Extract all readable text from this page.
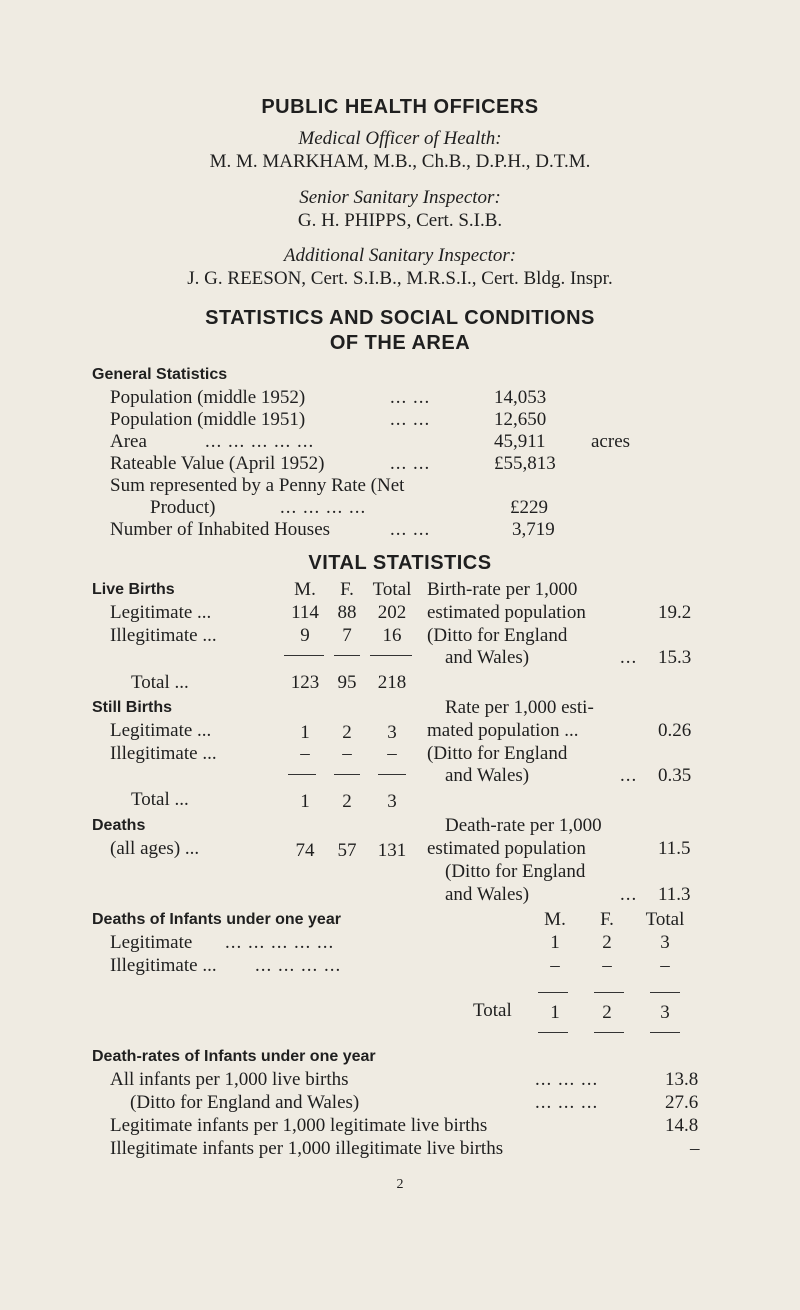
PUBLIC HEALTH OFFICERS
Medical Officer of Health:
M. M. MARKHAM, M.B., Ch.B., D.P.H., D.T.M.
Senior Sanitary Inspector:
G. H. PHIPPS, Cert. S.I.B.
Additional Sanitary Inspector:
J. G. REESON, Cert. S.I.B., M.R.S.I., Cert. Bldg. Inspr.
STATISTICS AND SOCIAL CONDITIONS
OF THE AREA
General Statistics
Population (middle 1952)	... ...	14,053
Population (middle 1951)	... ...	12,650
Area	... ... ... ... ...	45,911 acres
Rateable Value (April 1952)	... ...	£55,813
Sum represented by a Penny Rate (Net
Product)	... ... ... ...	£229
Number of Inhabited Houses	... ...	3,719
VITAL STATISTICS
Live Births	M.	F. Total Birth-rate per 1,000
Legitimate ...	114 88	202	estimated population	19.2
Illegitimate ...	9	7	16	(Ditto for England
and Wales)	... 15.3
Total ...	123 95	218
Still Births	Rate per 1,000 esti-
Legitimate ...	1	2	3	mated population ...	0.26
Illegitimate ...	–	–	–	(Ditto for England
and Wales)	... 0.35
Total ...	1	2	3
Deaths	Death-rate per 1,000
(all ages) ...	74	57	131	estimated population	11.5
(Ditto for England
and Wales)	... 11.3
Deaths of Infants under one year	M.	F.	Total
Legitimate ... ... ... ... ...	1	2	3
Illegitimate ... ... ... ... ...	–	–	–
Total	1	2	3
Death-rates of Infants under one year
All infants per 1,000 live births	... ... ...	13.8
(Ditto for England and Wales)	... ... ...	27.6
Legitimate infants per 1,000 legitimate live births	14.8
Illegitimate infants per 1,000 illegitimate live births	–
2
